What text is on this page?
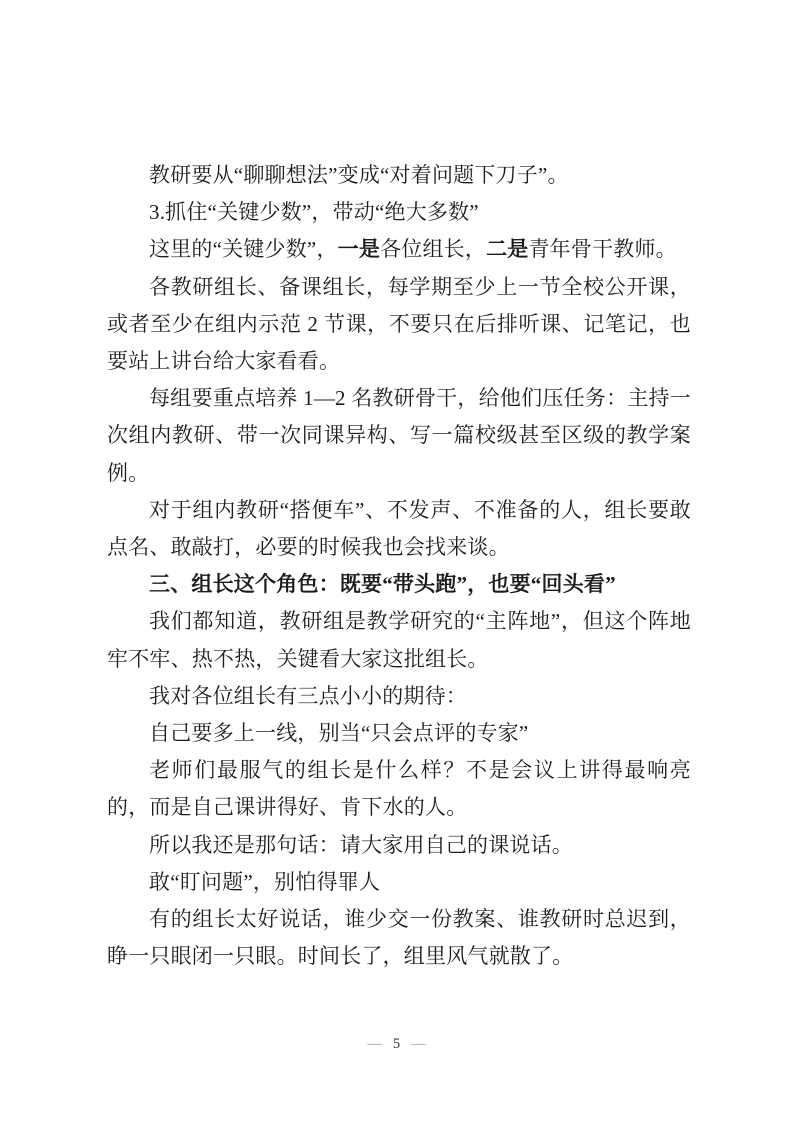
教研要从“聊聊想法”变成“对着问题下刀子”。

3.抓住“关键少数”，带动“绝大多数”

这里的“关键少数”，一是各位组长，二是青年骨干教师。

各教研组长、备课组长，每学期至少上一节全校公开课，或者至少在组内示范 2 节课，不要只在后排听课、记笔记，也要站上讲台给大家看看。

每组要重点培养 1—2 名教研骨干，给他们压任务：主持一次组内教研、带一次同课异构、写一篇校级甚至区级的教学案例。

对于组内教研“搭便车”、不发声、不准备的人，组长要敢点名、敢敲打，必要的时候我也会找来谈。

三、组长这个角色：既要“带头跑”，也要“回头看”

我们都知道，教研组是教学研究的“主阵地”，但这个阵地牢不牢、热不热，关键看大家这批组长。

我对各位组长有三点小小的期待：

自己要多上一线，别当“只会点评的专家”

老师们最服气的组长是什么样？不是会议上讲得最响亮的，而是自己课讲得好、肯下水的人。

所以我还是那句话：请大家用自己的课说话。

敢“盯问题”，别怕得罪人

有的组长太好说话，谁少交一份教案、谁教研时总迟到，睁一只眼闭一只眼。时间长了，组里风气就散了。

— 5 —
